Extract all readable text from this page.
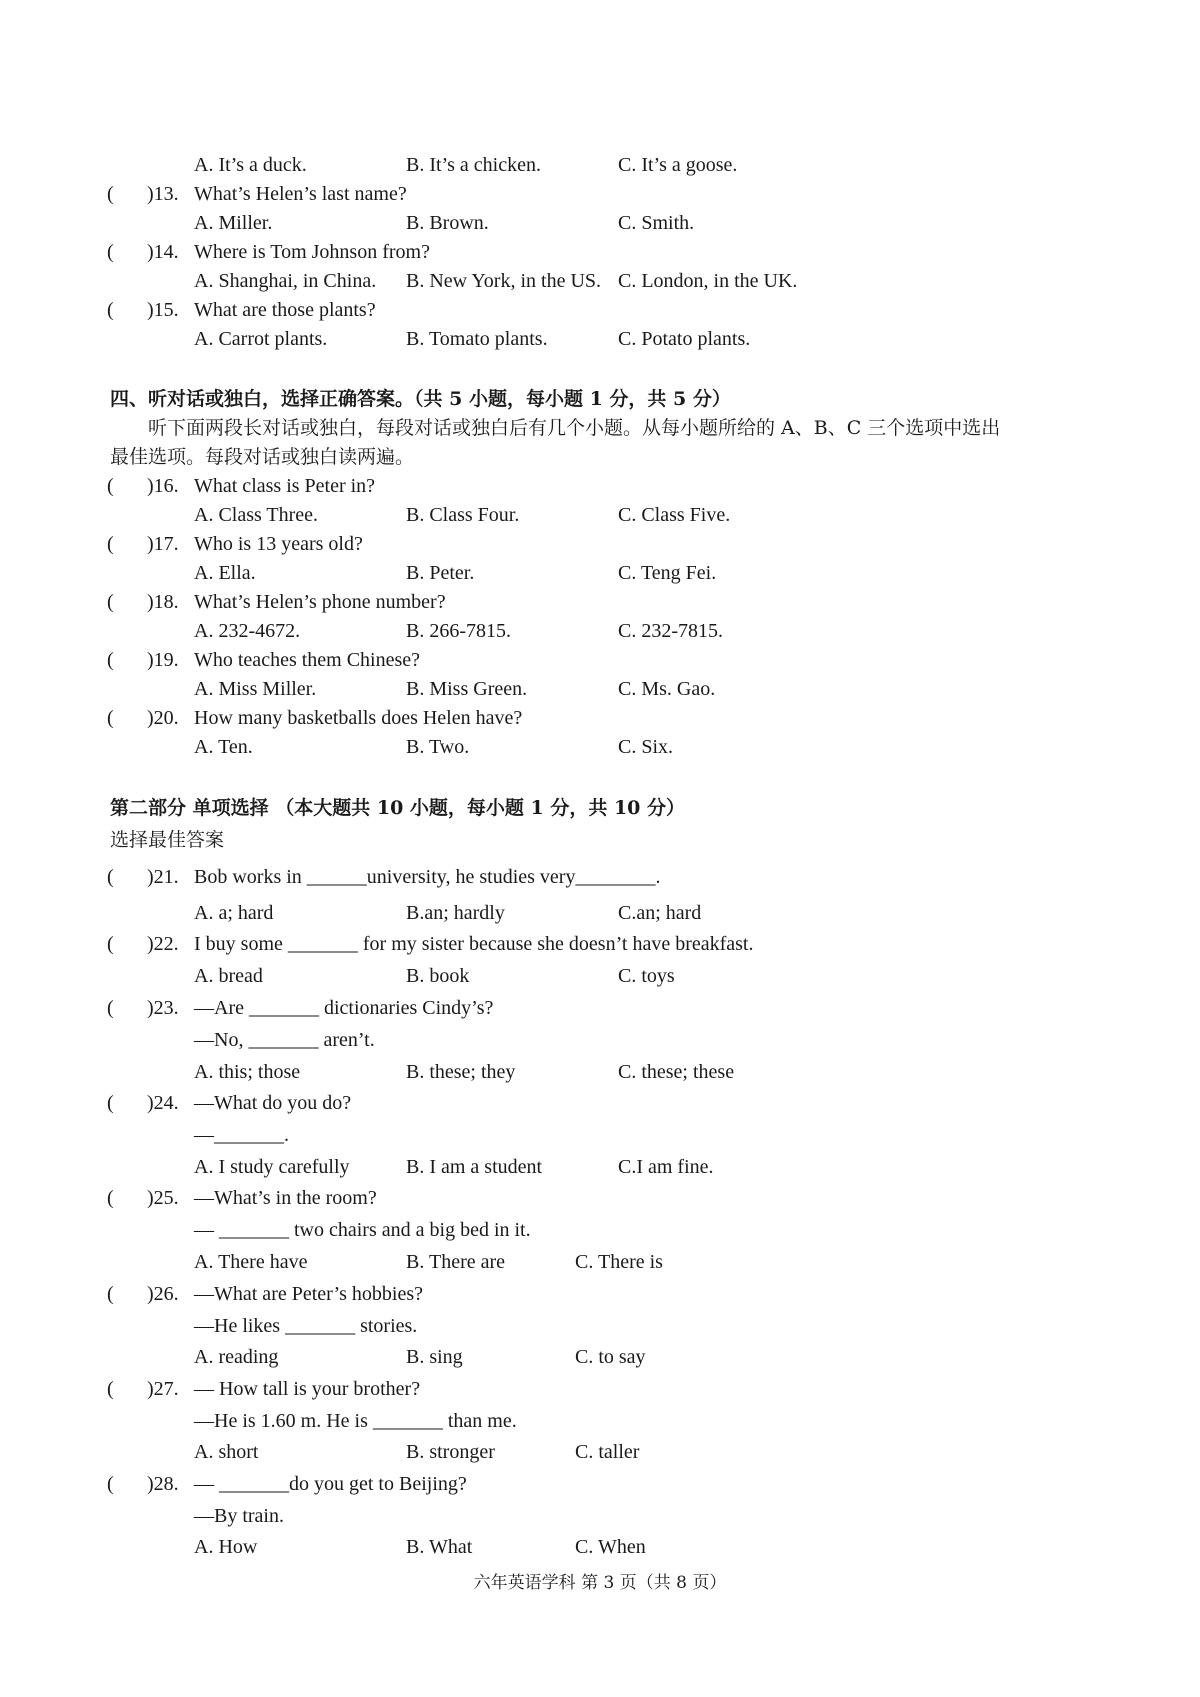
A. It’s a duck.	B. It’s a chicken.	C. It’s a goose.
( )13. What’s Helen’s last name?
A. Miller.	B. Brown.	C. Smith.
( )14. Where is Tom Johnson from?
A. Shanghai, in China. B. New York, in the US. C. London, in the UK.
( )15. What are those plants?
A. Carrot plants.	B. Tomato plants.	C. Potato plants.
四、听对话或独白，选择正确答案。（共 5 小题，每小题 1 分，共 5 分）
听下面两段长对话或独白，每段对话或独白后有几个小题。从每小题所给的 A、B、C 三个选项中选出
最佳选项。每段对话或独白读两遍。
( )16. What class is Peter in?
A. Class Three.	B. Class Four.	C. Class Five.
( )17. Who is 13 years old?
A. Ella.	B. Peter.	C. Teng Fei.
( )18. What’s Helen’s phone number?
A. 232-4672.	B. 266-7815.	C. 232-7815.
( )19. Who teaches them Chinese?
A. Miss Miller.	B. Miss Green.	C. Ms. Gao.
( )20. How many basketballs does Helen have?
A. Ten.	B. Two.	C. Six.
第二部分 单项选择 （本大题共 10 小题，每小题 1 分，共 10 分）
选择最佳答案
( )21. Bob works in ______university, he studies very________.
A. a; hard	B.an; hardly	C.an; hard
( )22. I buy some _______ for my sister because she doesn’t have breakfast.
A. bread	B. book	C. toys
( )23. —Are _______ dictionaries Cindy’s?
—No, _______ aren’t.
A. this; those	B. these; they	C. these; these
( )24. —What do you do?
—_______.
A. I study carefully	B. I am a student	C.I am fine.
( )25. —What’s in the room?
— _______ two chairs and a big bed in it.
A. There have	B. There are	C. There is
( )26. —What are Peter’s hobbies?
—He likes _______ stories.
A. reading	B. sing	C. to say
( )27. — How tall is your brother?
—He is 1.60 m. He is _______ than me.
A. short	B. stronger	C. taller
( )28. — _______do you get to Beijing?
—By train.
A. How	B. What	C. When
六年英语学科 第 3 页（共 8 页）
